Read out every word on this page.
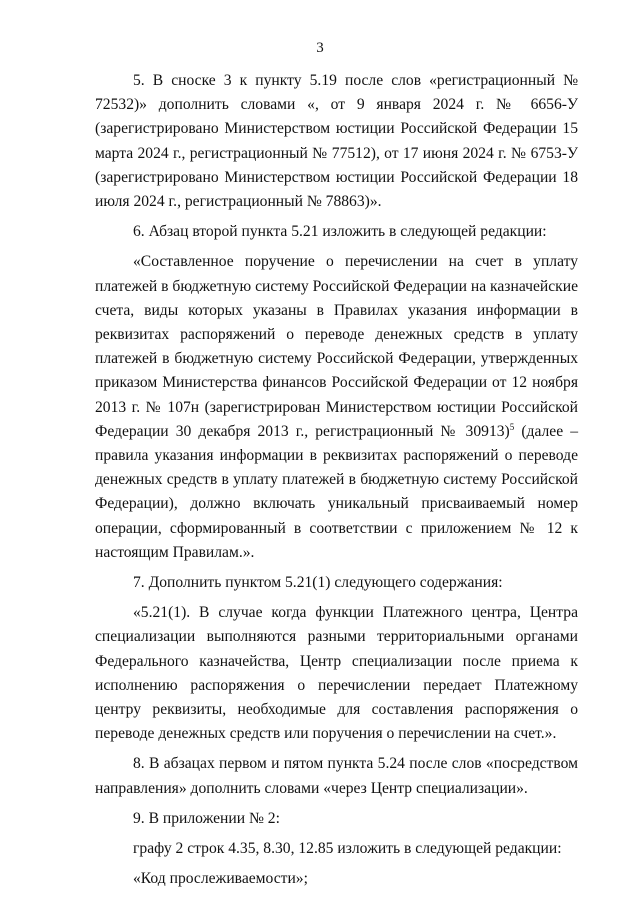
3

5. В сноске 3 к пункту 5.19 после слов «регистрационный № 72532)» дополнить словами «, от 9 января 2024 г. № 6656-У (зарегистрировано Министерством юстиции Российской Федерации 15 марта 2024 г., регистрационный № 77512), от 17 июня 2024 г. № 6753-У (зарегистрировано Министерством юстиции Российской Федерации 18 июля 2024 г., регистрационный № 78863)».

6. Абзац второй пункта 5.21 изложить в следующей редакции:

«Составленное поручение о перечислении на счет в уплату платежей в бюджетную систему Российской Федерации на казначейские счета, виды которых указаны в Правилах указания информации в реквизитах распоряжений о переводе денежных средств в уплату платежей в бюджетную систему Российской Федерации, утвержденных приказом Министерства финансов Российской Федерации от 12 ноября 2013 г. № 107н (зарегистрирован Министерством юстиции Российской Федерации 30 декабря 2013 г., регистрационный № 30913)$^5$ (далее – правила указания информации в реквизитах распоряжений о переводе денежных средств в уплату платежей в бюджетную систему Российской Федерации), должно включать уникальный присваиваемый номер операции, сформированный в соответствии с приложением № 12 к настоящим Правилам.».

7. Дополнить пунктом 5.21(1) следующего содержания:

«5.21(1). В случае когда функции Платежного центра, Центра специализации выполняются разными территориальными органами Федерального казначейства, Центр специализации после приема к исполнению распоряжения о перечислении передает Платежному центру реквизиты, необходимые для составления распоряжения о переводе денежных средств или поручения о перечислении на счет.».

8. В абзацах первом и пятом пункта 5.24 после слов «посредством направления» дополнить словами «через Центр специализации».

9. В приложении № 2:

графу 2 строк 4.35, 8.30, 12.85 изложить в следующей редакции:

«Код прослеживаемости»;
